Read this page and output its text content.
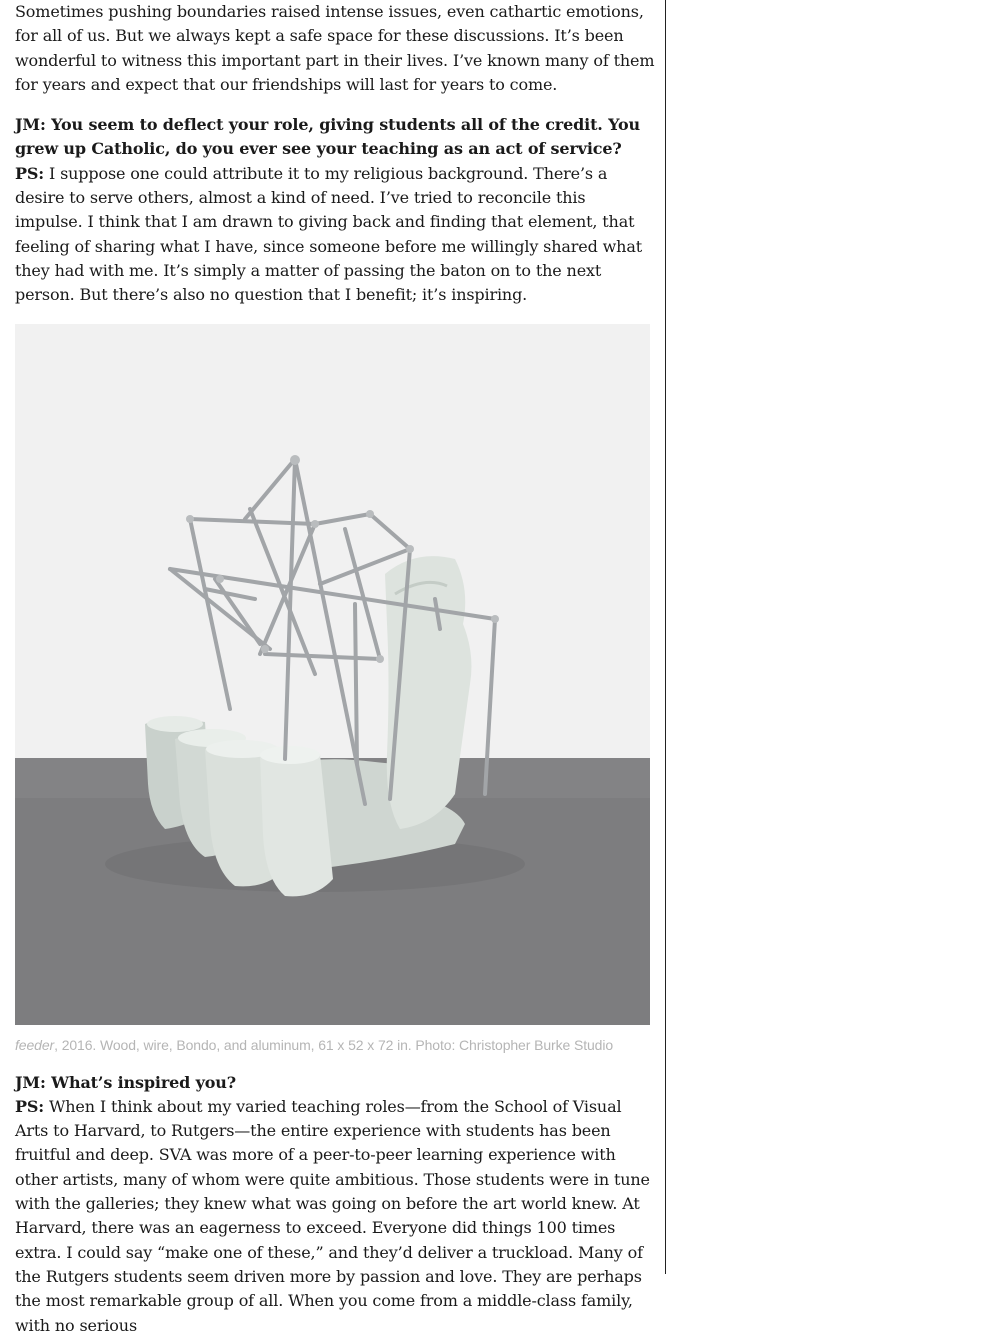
Sometimes pushing boundaries raised intense issues, even cathartic emotions, for all of us. But we always kept a safe space for these discussions. It’s been wonderful to witness this important part in their lives. I’ve known many of them for years and expect that our friendships will last for years to come.

JM: You seem to deflect your role, giving students all of the credit. You grew up Catholic, do you ever see your teaching as an act of service?

PS: I suppose one could attribute it to my religious background. There’s a desire to serve others, almost a kind of need. I’ve tried to reconcile this impulse. I think that I am drawn to giving back and finding that element, that feeling of sharing what I have, since someone before me willingly shared what they had with me. It’s simply a matter of passing the baton on to the next person. But there’s also no question that I benefit; it’s inspiring.

feeder, 2016. Wood, wire, Bondo, and aluminum, 61 x 52 x 72 in. Photo: Christopher Burke Studio

JM: What’s inspired you?

PS: When I think about my varied teaching roles—from the School of Visual Arts to Harvard, to Rutgers—the entire experience with students has been fruitful and deep. SVA was more of a peer-to-peer learning experience with other artists, many of whom were quite ambitious. Those students were in tune with the galleries; they knew what was going on before the art world knew. At Harvard, there was an eagerness to exceed. Everyone did things 100 times extra. I could say “make one of these,” and they’d deliver a truckload. Many of the Rutgers students seem driven more by passion and love. They are perhaps the most remarkable group of all. When you come from a middle-class family, with no serious
